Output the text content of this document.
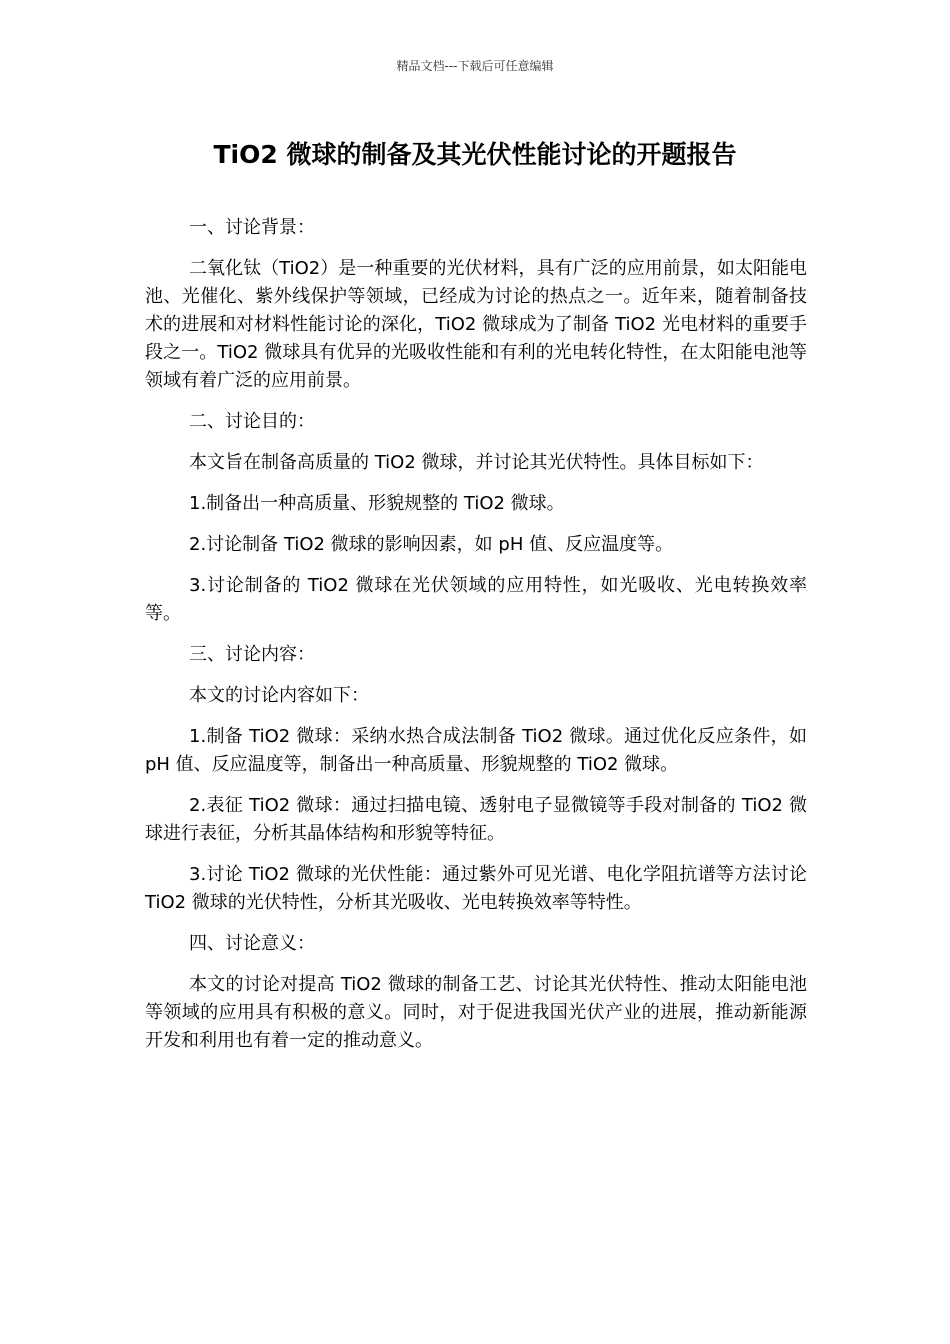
精品文档---下载后可任意编辑
TiO2 微球的制备及其光伏性能讨论的开题报告

一、讨论背景：

二氧化钛（TiO2）是一种重要的光伏材料，具有广泛的应用前景，如太阳能电池、光催化、紫外线保护等领域，已经成为讨论的热点之一。近年来，随着制备技术的进展和对材料性能讨论的深化，TiO2 微球成为了制备 TiO2 光电材料的重要手段之一。TiO2 微球具有优异的光吸收性能和有利的光电转化特性，在太阳能电池等领域有着广泛的应用前景。

二、讨论目的：

本文旨在制备高质量的 TiO2 微球，并讨论其光伏特性。具体目标如下：

1.制备出一种高质量、形貌规整的 TiO2 微球。

2.讨论制备 TiO2 微球的影响因素，如 pH 值、反应温度等。

3.讨论制备的 TiO2 微球在光伏领域的应用特性，如光吸收、光电转换效率等。

三、讨论内容：

本文的讨论内容如下：

1.制备 TiO2 微球：采纳水热合成法制备 TiO2 微球。通过优化反应条件，如 pH 值、反应温度等，制备出一种高质量、形貌规整的 TiO2 微球。

2.表征 TiO2 微球：通过扫描电镜、透射电子显微镜等手段对制备的 TiO2 微球进行表征，分析其晶体结构和形貌等特征。

3.讨论 TiO2 微球的光伏性能：通过紫外可见光谱、电化学阻抗谱等方法讨论 TiO2 微球的光伏特性，分析其光吸收、光电转换效率等特性。

四、讨论意义：

本文的讨论对提高 TiO2 微球的制备工艺、讨论其光伏特性、推动太阳能电池等领域的应用具有积极的意义。同时，对于促进我国光伏产业的进展，推动新能源开发和利用也有着一定的推动意义。
